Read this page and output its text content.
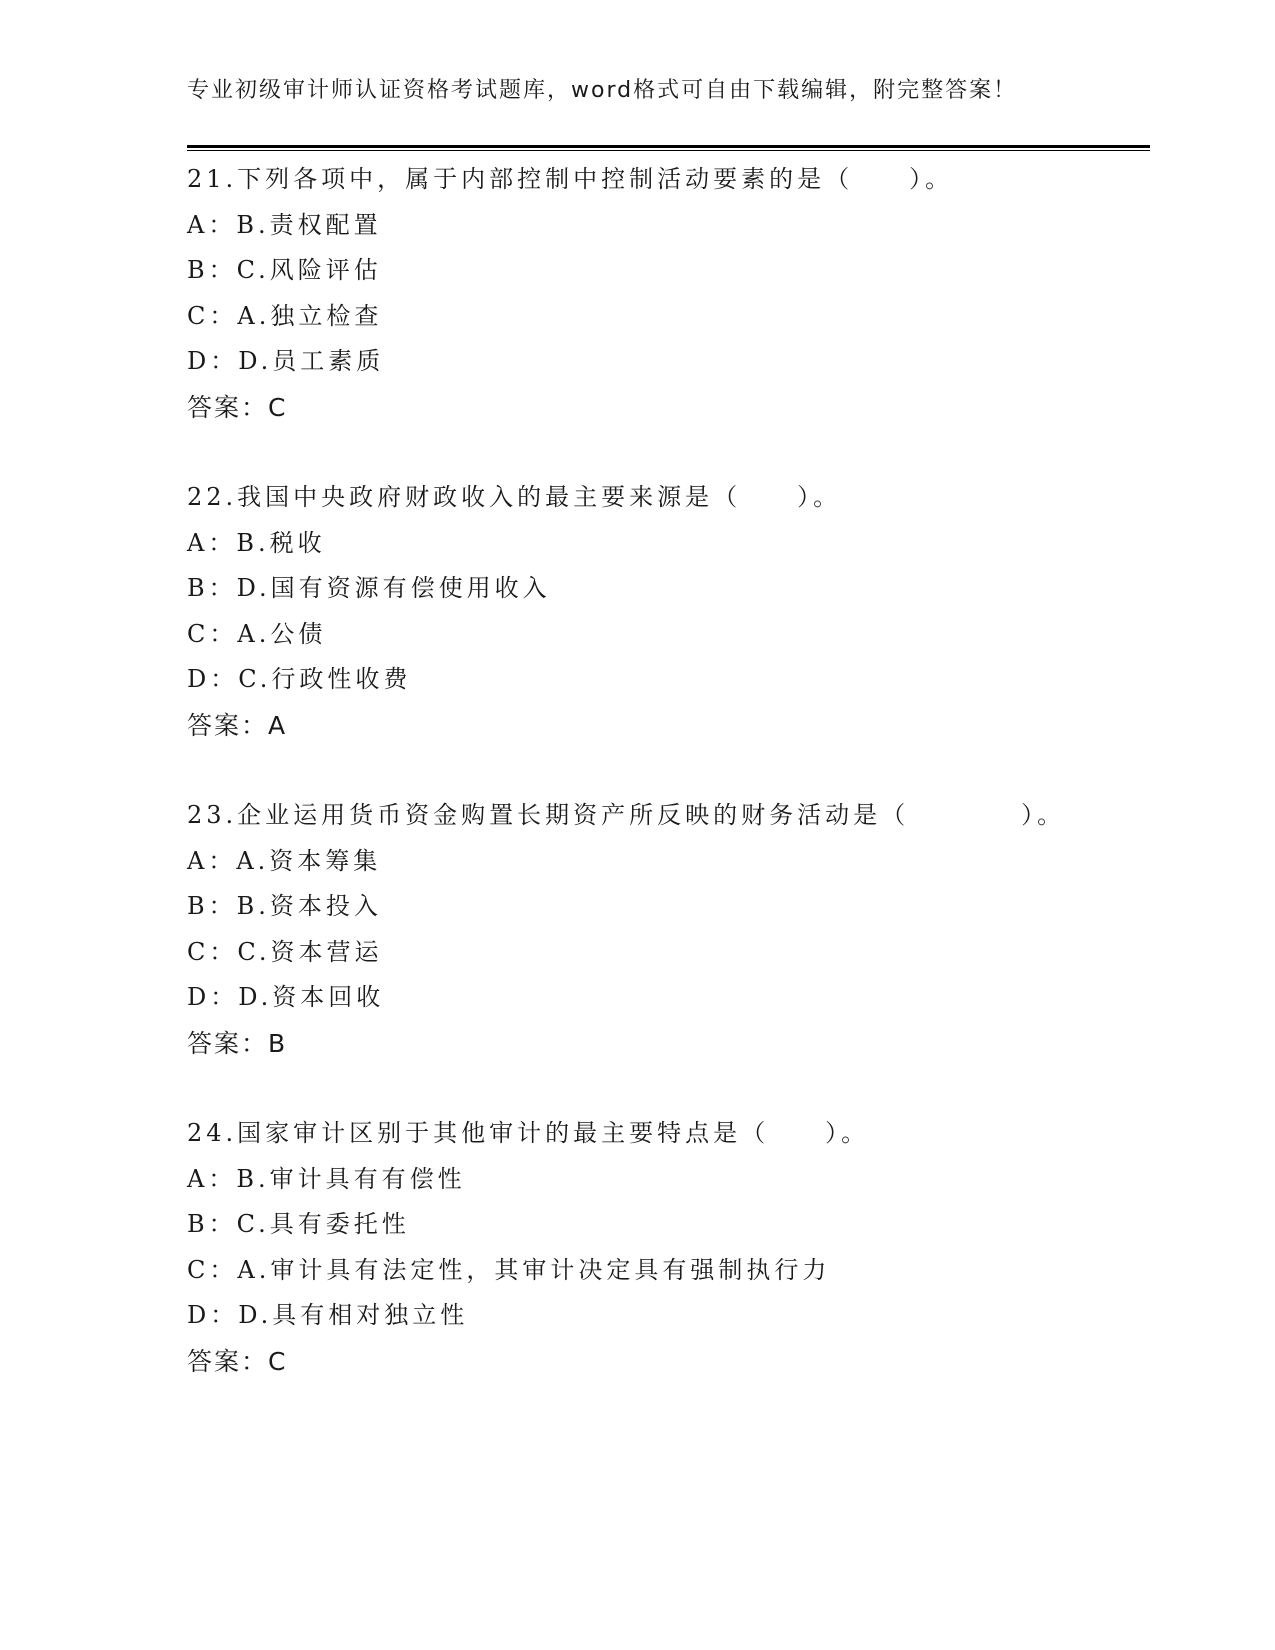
专业初级审计师认证资格考试题库，word格式可自由下载编辑，附完整答案！
21.下列各项中，属于内部控制中控制活动要素的是（　　）。
A：B.责权配置
B：C.风险评估
C：A.独立检查
D：D.员工素质
答案：C
22.我国中央政府财政收入的最主要来源是（　　）。
A：B.税收
B：D.国有资源有偿使用收入
C：A.公债
D：C.行政性收费
答案：A
23.企业运用货币资金购置长期资产所反映的财务活动是（　　　　）。
A：A.资本筹集
B：B.资本投入
C：C.资本营运
D：D.资本回收
答案：B
24.国家审计区别于其他审计的最主要特点是（　　）。
A：B.审计具有有偿性
B：C.具有委托性
C：A.审计具有法定性，其审计决定具有强制执行力
D：D.具有相对独立性
答案：C
